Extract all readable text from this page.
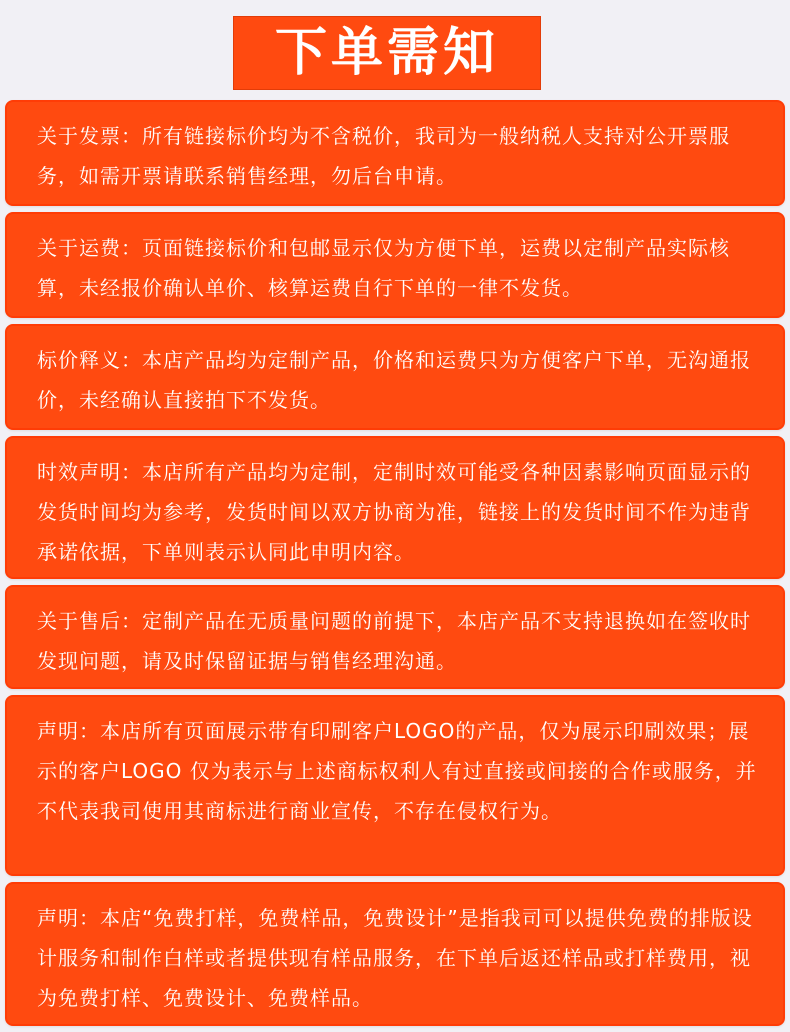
下单需知

关于发票：所有链接标价均为不含税价，我司为一般纳税人支持对公开票服务，如需开票请联系销售经理，勿后台申请。

关于运费：页面链接标价和包邮显示仅为方便下单，运费以定制产品实际核算，未经报价确认单价、核算运费自行下单的一律不发货。

标价释义：本店产品均为定制产品，价格和运费只为方便客户下单，无沟通报价，未经确认直接拍下不发货。

时效声明：本店所有产品均为定制，定制时效可能受各种因素影响页面显示的发货时间均为参考，发货时间以双方协商为准，链接上的发货时间不作为违背承诺依据，下单则表示认同此申明内容。

关于售后：定制产品在无质量问题的前提下，本店产品不支持退换如在签收时发现问题，请及时保留证据与销售经理沟通。

声明：本店所有页面展示带有印刷客户LOGO的产品，仅为展示印刷效果；展示的客户LOGO 仅为表示与上述商标权利人有过直接或间接的合作或服务，并不代表我司使用其商标进行商业宣传，不存在侵权行为。

声明：本店“免费打样，免费样品，免费设计”是指我司可以提供免费的排版设计服务和制作白样或者提供现有样品服务，在下单后返还样品或打样费用，视为免费打样、免费设计、免费样品。
